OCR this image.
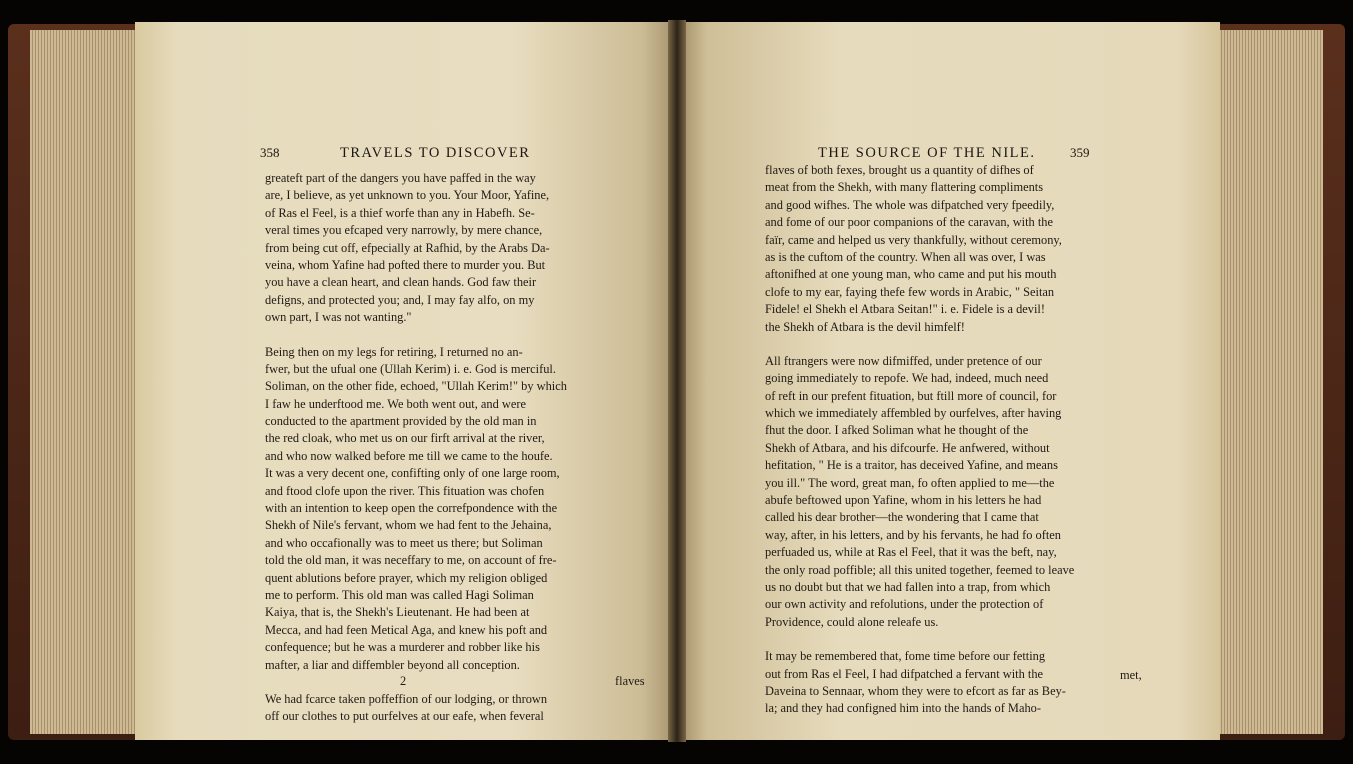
358	TRAVELS TO DISCOVER
greateft part of the dangers you have paffed in the way
are, I believe, as yet unknown to you. Your Moor, Yafine,
of Ras el Feel, is a thief worfe than any in Habefh. Se-
veral times you efcaped very narrowly, by mere chance,
from being cut off, efpecially at Rafhid, by the Arabs Da-
veina, whom Yafine had pofted there to murder you. But
you have a clean heart, and clean hands. God faw their
defigns, and protected you; and, I may fay alfo, on my
own part, I was not wanting."
Being then on my legs for retiring, I returned no an-
fwer, but the ufual one (Ullah Kerim) i. e. God is merciful.
Soliman, on the other fide, echoed, "Ullah Kerim!" by which
I faw he underftood me. We both went out, and were
conducted to the apartment provided by the old man in
the red cloak, who met us on our firft arrival at the river,
and who now walked before me till we came to the houfe.
It was a very decent one, confifting only of one large room,
and ftood clofe upon the river. This fituation was chofen
with an intention to keep open the correfpondence with the
Shekh of Nile's fervant, whom we had fent to the Jehaina,
and who occafionally was to meet us there; but Soliman
told the old man, it was neceffary to me, on account of fre-
quent ablutions before prayer, which my religion obliged
me to perform. This old man was called Hagi Soliman
Kaiya, that is, the Shekh's Lieutenant. He had been at
Mecca, and had feen Metical Aga, and knew his poft and
confequence; but he was a murderer and robber like his
mafter, a liar and diffembler beyond all conception.
We had fcarce taken poffeffion of our lodging, or thrown
off our clothes to put ourfelves at our eafe, when feveral
2	flaves
THE SOURCE OF THE NILE.	359
flaves of both fexes, brought us a quantity of difhes of
meat from the Shekh, with many flattering compliments
and good wifhes. The whole was difpatched very fpeedily,
and fome of our poor companions of the caravan, with the
faïr, came and helped us very thankfully, without ceremony,
as is the cuftom of the country. When all was over, I was
aftonifhed at one young man, who came and put his mouth
clofe to my ear, faying thefe few words in Arabic, " Seitan
Fidele! el Shekh el Atbara Seitan!" i. e. Fidele is a devil!
the Shekh of Atbara is the devil himfelf!
All ftrangers were now difmiffed, under pretence of our
going immediately to repofe. We had, indeed, much need
of reft in our prefent fituation, but ftill more of council, for
which we immediately affembled by ourfelves, after having
fhut the door. I afked Soliman what he thought of the
Shekh of Atbara, and his difcourfe. He anfwered, without
hefitation, " He is a traitor, has deceived Yafine, and means
you ill." The word, great man, fo often applied to me—the
abufe beftowed upon Yafine, whom in his letters he had
called his dear brother—the wondering that I came that
way, after, in his letters, and by his fervants, he had fo often
perfuaded us, while at Ras el Feel, that it was the beft, nay,
the only road poffible; all this united together, feemed to leave
us no doubt but that we had fallen into a trap, from which
our own activity and refolutions, under the protection of
Providence, could alone releafe us.
It may be remembered that, fome time before our fetting
out from Ras el Feel, I had difpatched a fervant with the
Daveina to Sennaar, whom they were to efcort as far as Bey-
la; and they had configned him into the hands of Maho-
met,
